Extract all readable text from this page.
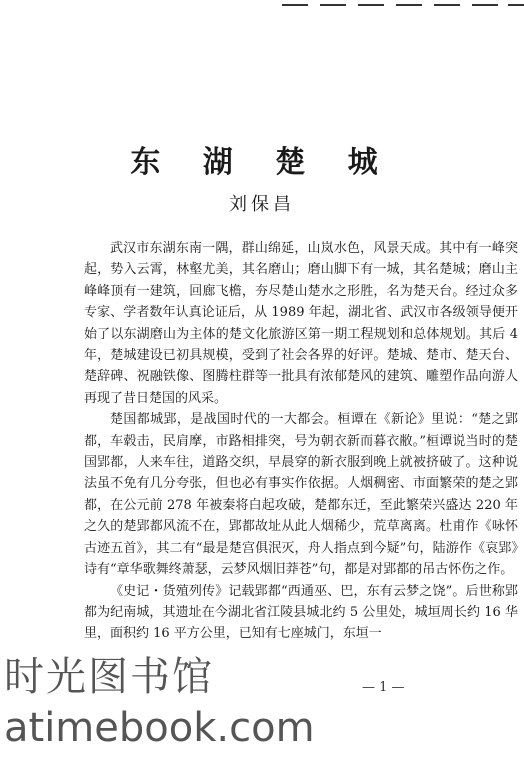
东 湖 楚 城
刘保昌

武汉市东湖东南一隅，群山绵延，山岚水色，风景天成。其中有一峰突起，势入云霄，林壑尤美，其名磨山；磨山脚下有一城，其名楚城；磨山主峰峰顶有一建筑，回廊飞檐，夯尽楚山楚水之形胜，名为楚天台。经过众多专家、学者数年认真论证后，从 1989 年起，湖北省、武汉市各级领导便开始了以东湖磨山为主体的楚文化旅游区第一期工程规划和总体规划。其后 4 年，楚城建设已初具规模，受到了社会各界的好评。楚城、楚市、楚天台、楚辞碑、祝融铁像、图腾柱群等一批具有浓郁楚风的建筑、雕塑作品向游人再现了昔日楚国的风采。

楚国都城郢，是战国时代的一大都会。桓谭在《新论》里说：“楚之郢都，车毂击，民肩摩，市路相排突，号为朝衣新而暮衣敝。”桓谭说当时的楚国郢都，人来车往，道路交织，早晨穿的新衣服到晚上就被挤破了。这种说法虽不免有几分夸张，但也必有事实作依据。人烟稠密、市面繁荣的楚之郢都，在公元前 278 年被秦将白起攻破，楚都东迁，至此繁荣兴盛达 220 年之久的楚郢都风流不在，郢都故址从此人烟稀少，荒草离离。杜甫作《咏怀古迹五首》，其二有“最是楚宫俱泯灭，舟人指点到今疑”句，陆游作《哀郢》诗有“章华歌舞终萧瑟，云梦风烟旧莽苍”句，都是对郢都的吊古怀伤之作。

《史记・货殖列传》记载郢都“西通巫、巴，东有云梦之饶”。后世称郢都为纪南城，其遗址在今湖北省江陵县城北约 5 公里处，城垣周长约 16 华里，面积约 16 平方公里，已知有七座城门，东垣一

— 1 —
时光图书馆
atimebook.com
